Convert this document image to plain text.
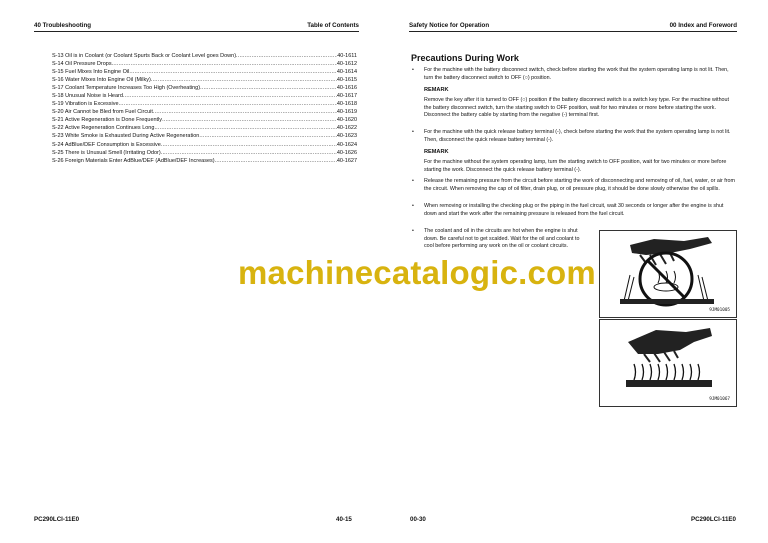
40 Troubleshooting	Table of Contents
S-13 Oil is in Coolant (or Coolant Spurts Back or Coolant Level goes Down) .....	40-1611
S-14 Oil Pressure Drops .....	40-1612
S-15 Fuel Mixes Into Engine Oil .....	40-1614
S-16 Water Mixes Into Engine Oil (Milky) .....	40-1615
S-17 Coolant Temperature Increases Too High (Overheating) .....	40-1616
S-18 Unusual Noise is Heard .....	40-1617
S-19 Vibration is Excessive .....	40-1618
S-20 Air Cannot be Bled from Fuel Circuit .....	40-1619
S-21 Active Regeneration is Done Frequently .....	40-1620
S-22 Active Regeneration Continues Long .....	40-1622
S-23 White Smoke is Exhausted During Active Regeneration .....	40-1623
S-24 AdBlue/DEF Consumption is Excessive .....	40-1624
S-25 There is Unusual Smell (Irritating Odor) .....	40-1626
S-26 Foreign Materials Enter AdBlue/DEF (AdBlue/DEF Increases) .....	40-1627
PC290LCI-11E0	40-15
Safety Notice for Operation	00 Index and Foreword
00-30	PC290LCI-11E0
Precautions During Work
•	For the machine with the battery disconnect switch, check before starting the work that the system operating lamp is not lit. Then, turn the battery disconnect switch to OFF (○) position.
REMARK
Remove the key after it is turned to OFF (○) position if the battery disconnect switch is a switch key type. For the machine without the battery disconnect switch, turn the starting switch to OFF position, wait for two minutes or more before starting the work. Disconnect the battery cable by starting from the negative (-) terminal first.
•	For the machine with the quick release battery terminal (-), check before starting the work that the system operating lamp is not lit. Then, disconnect the quick release battery terminal (-).
REMARK
For the machine without the system operating lamp, turn the starting switch to OFF position, wait for two minutes or more before starting the work. Disconnect the quick release battery terminal (-).
•	Release the remaining pressure from the circuit before starting the work of disconnecting and removing of oil, fuel, water, or air from the circuit. When removing the cap of oil filter, drain plug, or oil pressure plug, it should be done slowly otherwise the oil spills.
•	When removing or installing the checking plug or the piping in the fuel circuit, wait 30 seconds or longer after the engine is shut down and start the work after the remaining pressure is released from the fuel circuit.
•	The coolant and oil in the circuits are hot when the engine is shut down. Be careful not to get scalded. Wait for the oil and coolant to cool before performing any work on the oil or coolant circuits.
9JM01005
9JM01067
machinecatalogic.com
